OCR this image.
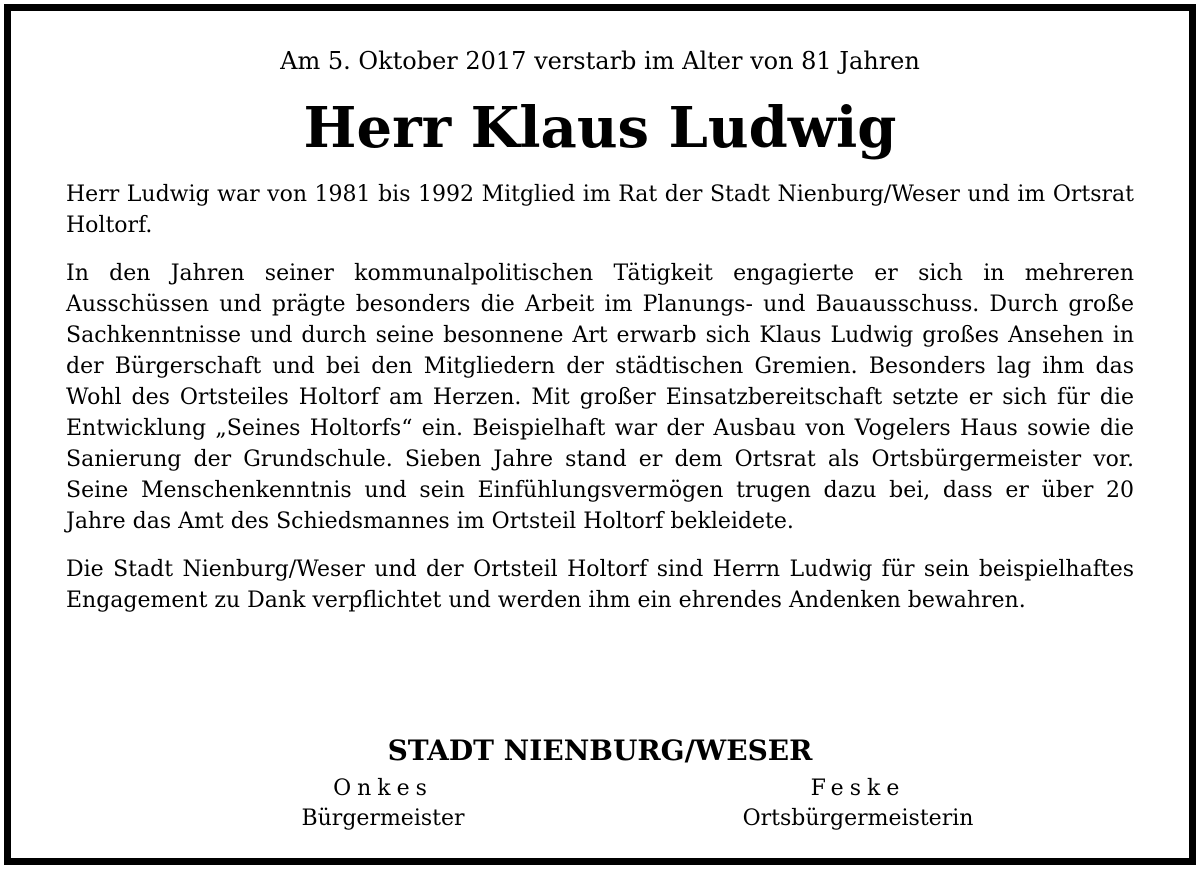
Am 5. Oktober 2017 verstarb im Alter von 81 Jahren
Herr Klaus Ludwig

Herr Ludwig war von 1981 bis 1992 Mitglied im Rat der Stadt Nienburg/Weser und im Ortsrat Holtorf.

In den Jahren seiner kommunalpolitischen Tätigkeit engagierte er sich in mehreren Ausschüssen und prägte besonders die Arbeit im Planungs- und Bauausschuss. Durch große Sachkenntnisse und durch seine besonnene Art erwarb sich Klaus Ludwig großes Ansehen in der Bürgerschaft und bei den Mitgliedern der städtischen Gremien. Besonders lag ihm das Wohl des Ortsteiles Holtorf am Herzen. Mit großer Einsatzbereitschaft setzte er sich für die Entwicklung „Seines Holtorfs“ ein. Beispielhaft war der Ausbau von Vogelers Haus sowie die Sanierung der Grundschule. Sieben Jahre stand er dem Ortsrat als Ortsbürgermeister vor. Seine Menschenkenntnis und sein Einfühlungsvermögen trugen dazu bei, dass er über 20 Jahre das Amt des Schiedsmannes im Ortsteil Holtorf bekleidete.

Die Stadt Nienburg/Weser und der Ortsteil Holtorf sind Herrn Ludwig für sein beispielhaftes Engagement zu Dank verpflichtet und werden ihm ein ehrendes Andenken bewahren.

STADT NIENBURG/WESER
Onkes
Bürgermeister
Feske
Ortsbürgermeisterin
